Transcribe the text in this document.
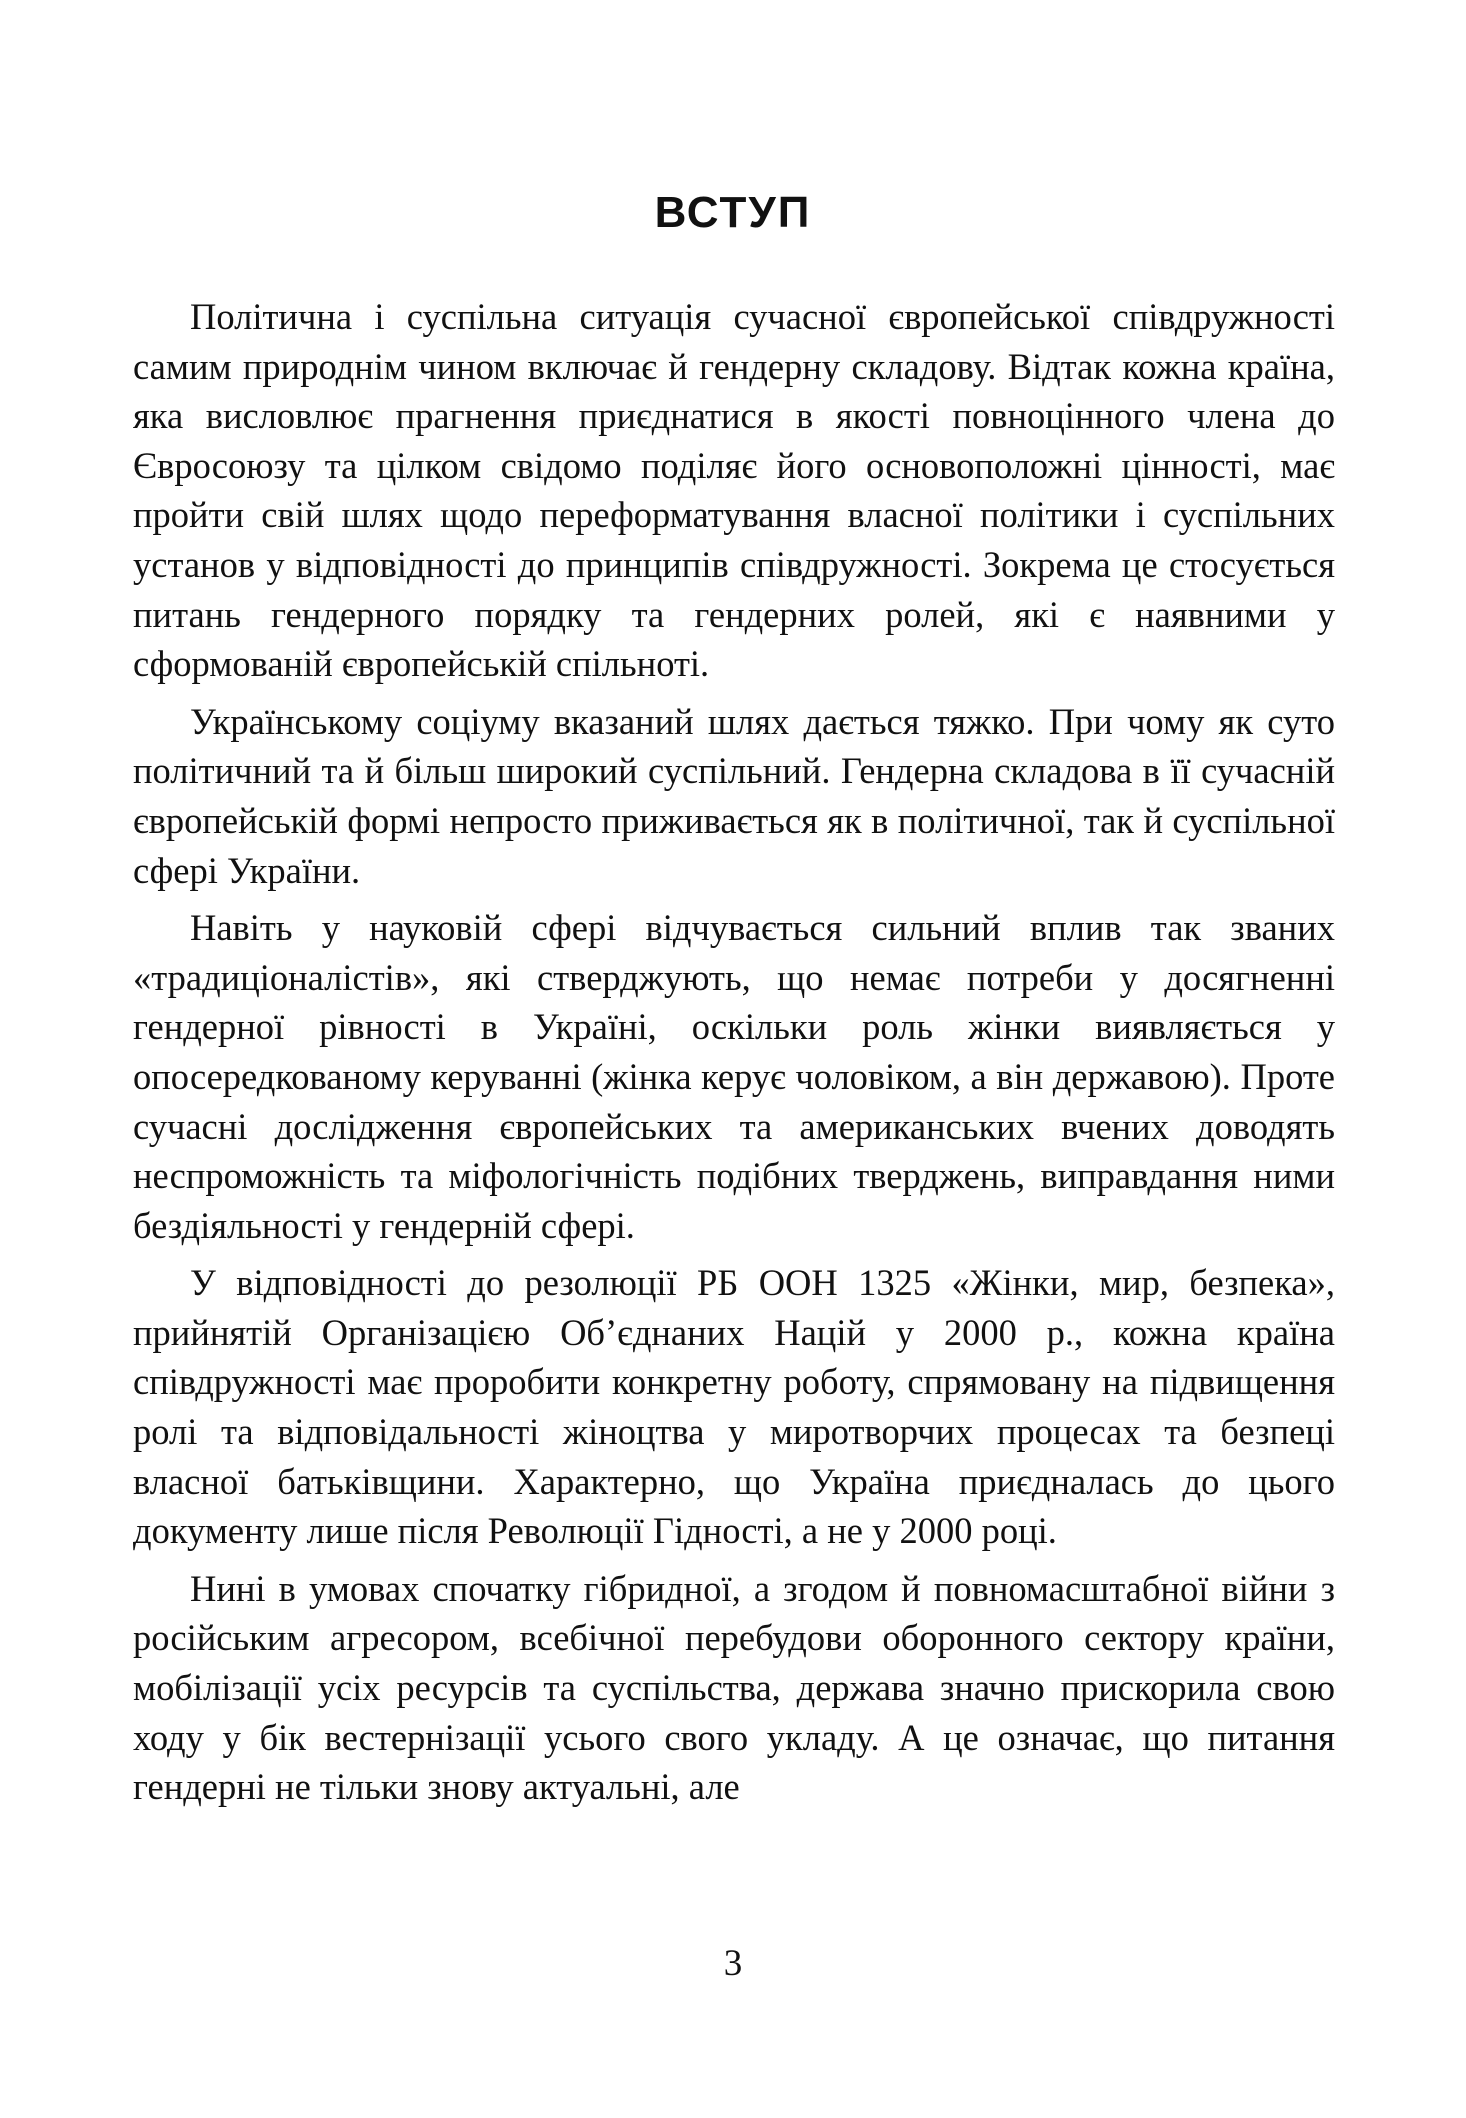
ВСТУП

Політична і суспільна ситуація сучасної європейської співдружності самим природнім чином включає й гендерну складову. Відтак кожна країна, яка висловлює прагнення приєднатися в якості повноцінного члена до Євросоюзу та цілком свідомо поділяє його основоположні цінності, має пройти свій шлях щодо переформатування власної політики і суспільних установ у відповідності до принципів співдружності. Зокрема це стосується питань гендерного порядку та гендерних ролей, які є наявними у сформованій європейській спільноті.

Українському соціуму вказаний шлях дається тяжко. При чому як суто політичний та й більш широкий суспільний. Гендерна складова в її сучасній європейській формі непросто приживається як в політичної, так й суспільної сфері України.

Навіть у науковій сфері відчувається сильний вплив так званих «традиціоналістів», які стверджують, що немає потреби у досягненні гендерної рівності в Україні, оскільки роль жінки виявляється у опосередкованому керуванні (жінка керує чоловіком, а він державою). Проте сучасні дослідження європейських та американських вчених доводять неспроможність та міфологічність подібних тверджень, виправдання ними бездіяльності у гендерній сфері.

У відповідності до резолюції РБ ООН 1325 «Жінки, мир, безпека», прийнятій Організацією Об’єднаних Націй у 2000 р., кожна країна співдружності має проробити конкретну роботу, спрямовану на підвищення ролі та відповідальності жіноцтва у миротворчих процесах та безпеці власної батьківщини. Характерно, що Україна приєдналась до цього документу лише після Революції Гідності, а не у 2000 році.

Нині в умовах спочатку гібридної, а згодом й повномасштабної війни з російським агресором, всебічної перебудови оборонного сектору країни, мобілізації усіх ресурсів та суспільства, держава значно прискорила свою ходу у бік вестернізації усього свого укладу. А це означає, що питання гендерні не тільки знову актуальні, але

3
